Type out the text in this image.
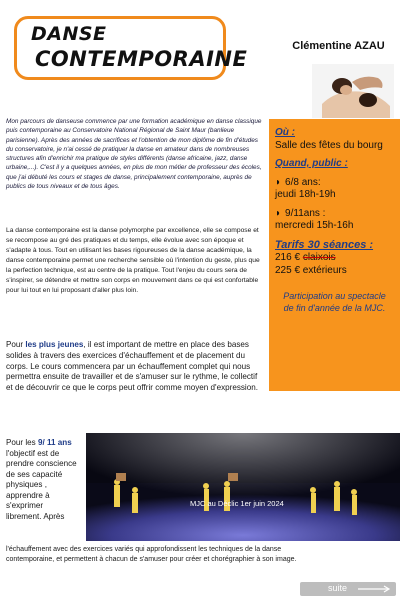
DANSE
CONTEMPORAINE
Clémentine AZAU
Mon parcours de danseuse commence par une formation académique en danse classique puis contemporaine au Conservatoire National Régional de Saint Maur (banlieue parisienne). Après des années de sacrifices et l'obtention de mon diplôme de fin d'études du conservatoire, je n'ai cessé de pratiquer la danse en amateur dans de nombreuses structures afin d'enrichir ma pratique de styles différents (danse africaine, jazz, danse urbaine,...). C'est il y a quelques années, en plus de mon métier de professeur des écoles, que j'ai débuté les cours et stages de danse, principalement contemporaine, auprès de publics de tous niveaux et de tous âges.
La danse contemporaine est la danse polymorphe par excellence, elle se compose et se recompose au gré des pratiques et du temps, elle évolue avec son époque et s'adapte à tous. Tout en utilisant les bases rigoureuses de la danse académique, la danse contemporaine permet une recherche sensible où l'intention du geste, plus que la perfection technique, est au centre de la pratique. Tout l'enjeu du cours sera de s'inspirer, se détendre et mettre son corps en mouvement dans ce qui est confortable pour lui tout en lui proposant d'aller plus loin.
Pour les plus jeunes, il est important de mettre en place des bases solides à travers des exercices d'échauffement et de placement du corps. Le cours commencera par un échauffement complet qui nous permettra ensuite de travailler et de s'amuser sur le rythme, le collectif et de découvrir ce que le corps peut offrir comme moyen d'expression.
Pour les 9/ 11 ans l'objectif est de prendre conscience de ses capacité physiques , apprendre à s'exprimer librement. Après
MJC au Déclic 1er juin 2024
l'échauffement avec des exercices variés qui approfondissent les techniques de la danse contemporaine, et permettent à chacun de s'amuser pour créer et chorégraphier à son image.
Où :
Salle des fêtes du bourg
Quand, public :
◗ 6/8 ans:
jeudi 18h-19h
◗ 9/11ans :
mercredi 15h-16h
Tarifs 30 séances :
216 € claixois
225 € extérieurs
Participation au spectacle de fin d'année de la MJC.
suite
